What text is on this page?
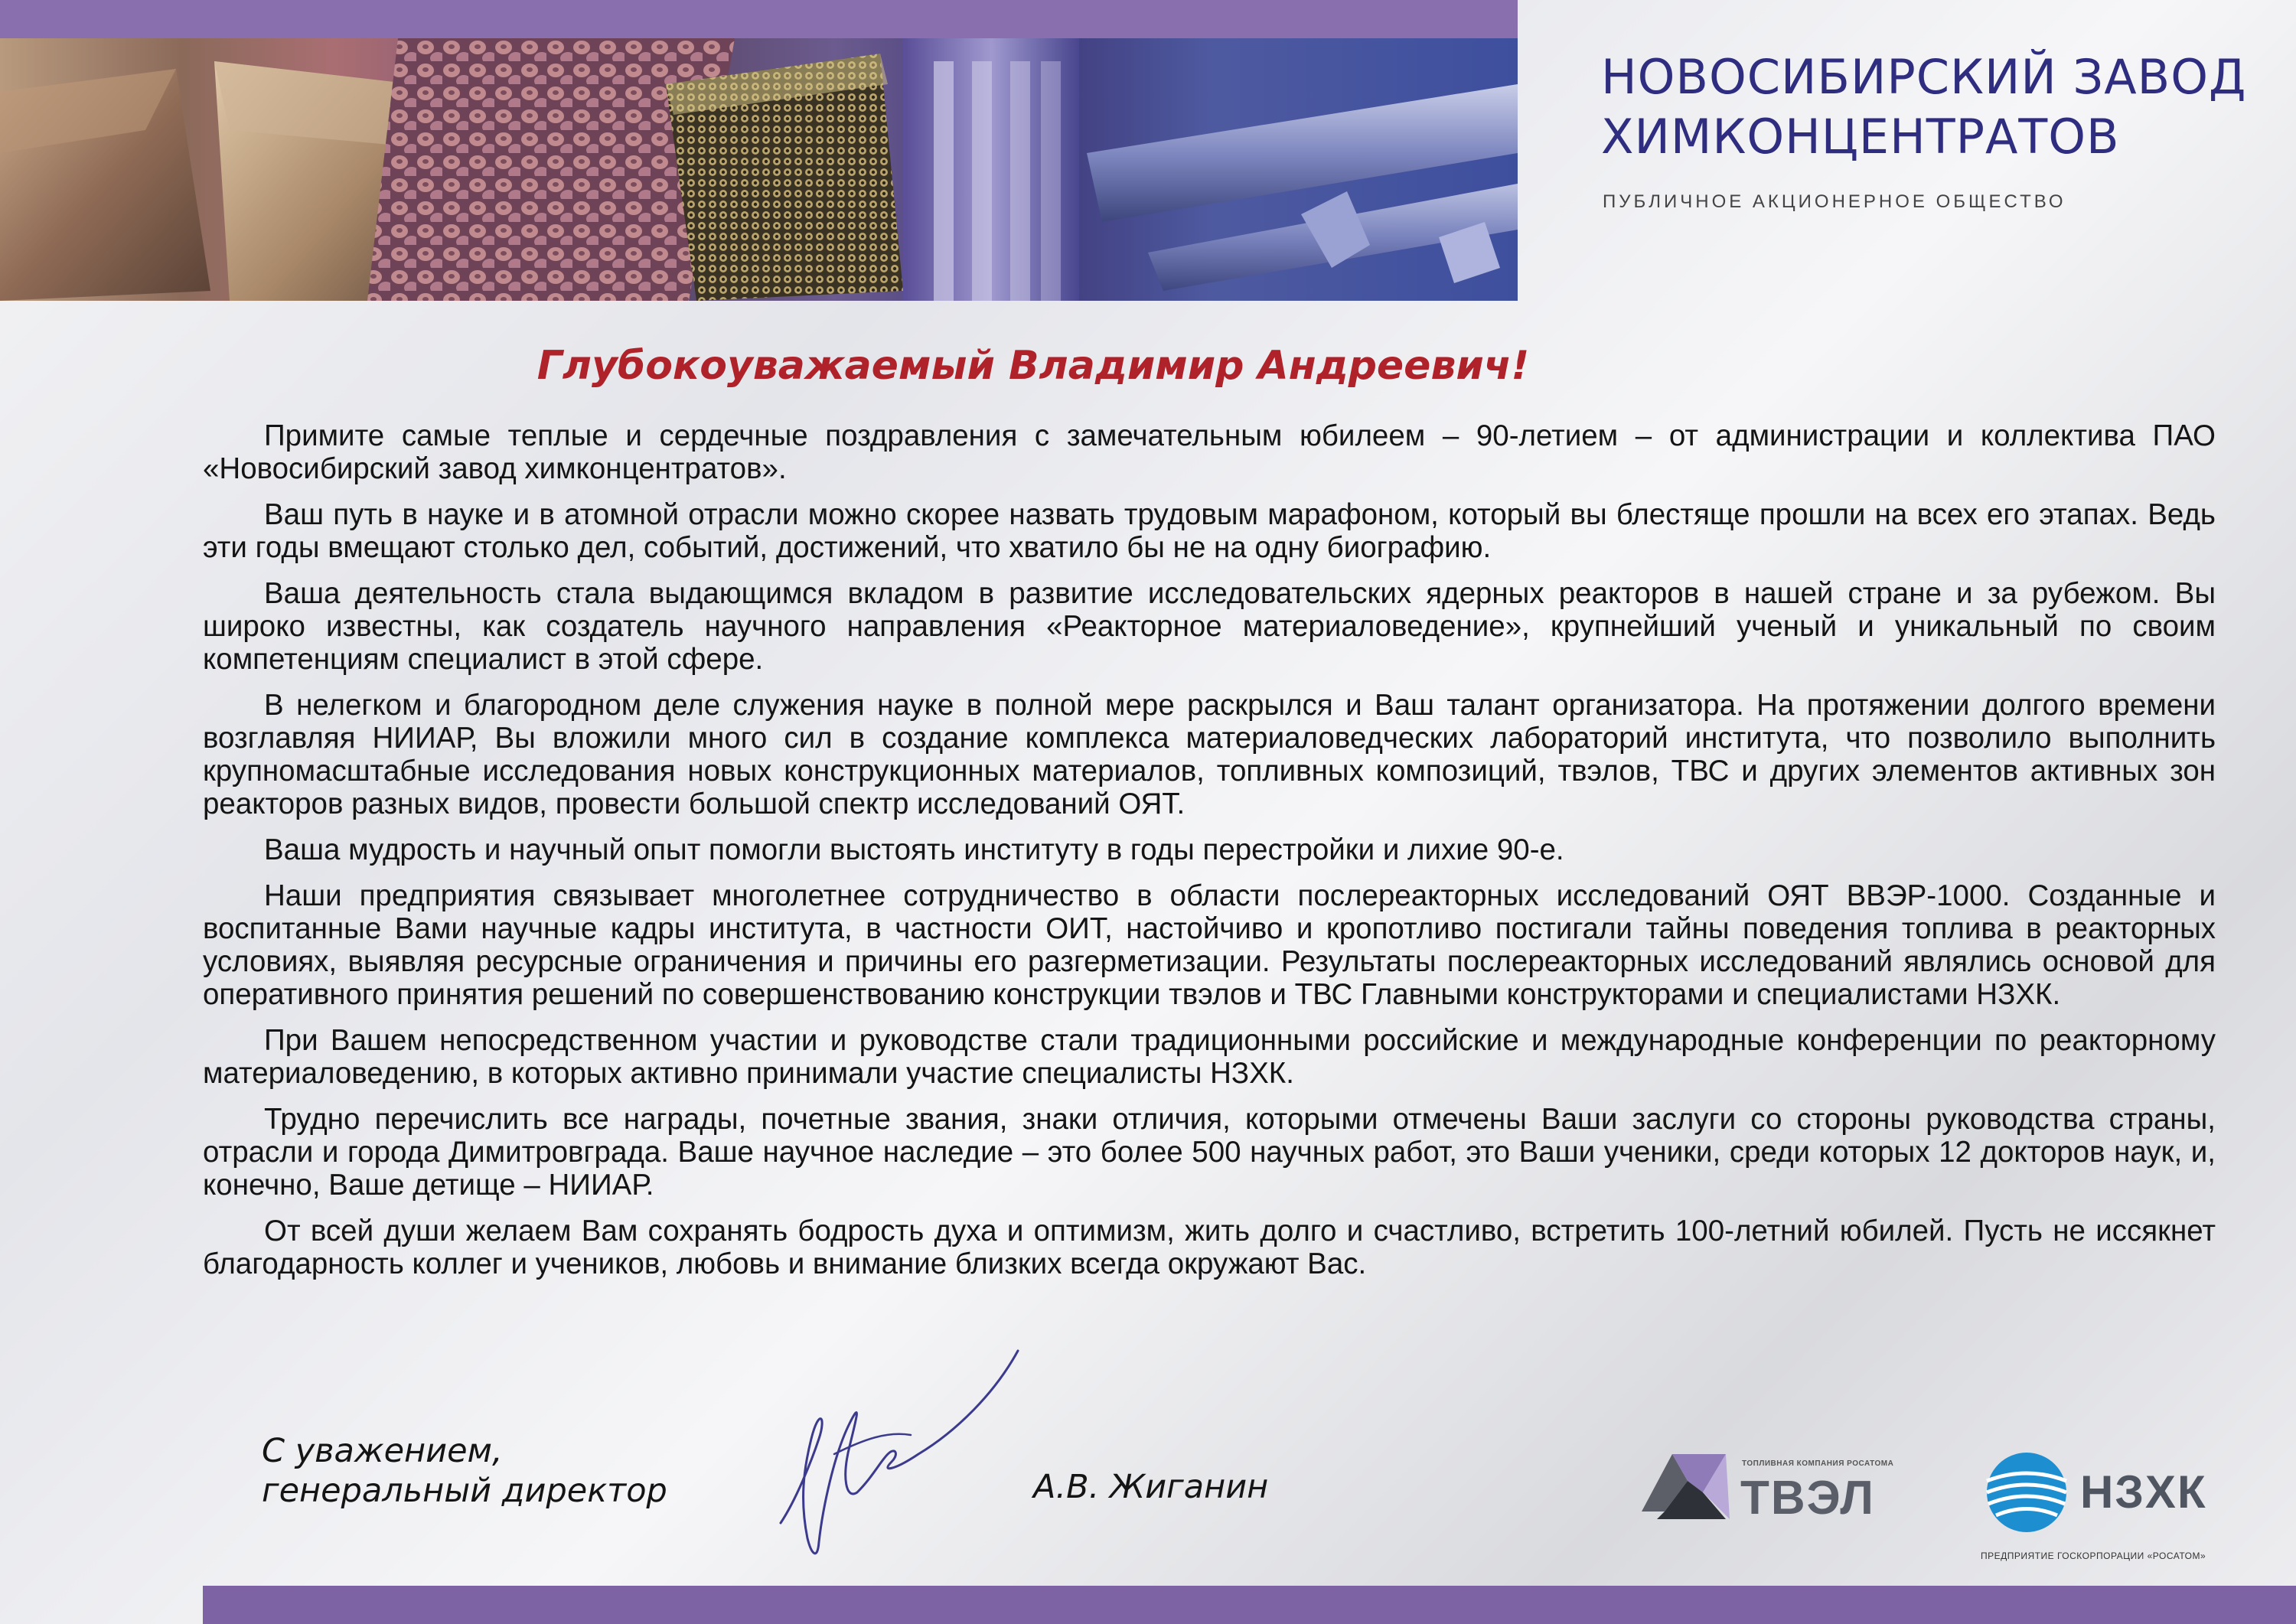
НОВОСИБИРСКИЙ ЗАВОД
ХИМКОНЦЕНТРАТОВ
ПУБЛИЧНОЕ АКЦИОНЕРНОЕ ОБЩЕСТВО
Глубокоуважаемый Владимир Андреевич!

Примите самые теплые и сердечные поздравления с замечательным юбилеем – 90-летием – от администрации и коллектива ПАО «Новосибирский завод химконцентратов».

Ваш путь в науке и в атомной отрасли можно скорее назвать трудовым марафоном, который вы блестяще прошли на всех его этапах. Ведь эти годы вмещают столько дел, событий, достижений, что хватило бы не на одну биографию.

Ваша деятельность стала выдающимся вкладом в развитие исследовательских ядерных реакторов в нашей стране и за рубежом. Вы широко известны, как создатель научного направления «Реакторное материаловедение», крупнейший ученый и уникальный по своим компетенциям специалист в этой сфере.

В нелегком и благородном деле служения науке в полной мере раскрылся и Ваш талант организатора. На протяжении долгого времени возглавляя НИИАР, Вы вложили много сил в создание комплекса материаловедческих лабораторий института, что позволило выполнить крупномасштабные исследования новых конструкционных материалов, топливных композиций, твэлов, ТВС и других элементов активных зон реакторов разных видов, провести большой спектр исследований ОЯТ.

Ваша мудрость и научный опыт помогли выстоять институту в годы перестройки и лихие 90-е.

Наши предприятия связывает многолетнее сотрудничество в области послереакторных исследований ОЯТ ВВЭР-1000. Созданные и воспитанные Вами научные кадры института, в частности ОИТ, настойчиво и кропотливо постигали тайны поведения топлива в реакторных условиях, выявляя ресурсные ограничения и причины его разгерметизации. Результаты послереакторных исследований являлись основой для оперативного принятия решений по совершенствованию конструкции твэлов и ТВС Главными конструкторами и специалистами НЗХК.

При Вашем непосредственном участии и руководстве стали традиционными российские и международные конференции по реакторному материаловедению, в которых активно принимали участие специалисты НЗХК.

Трудно перечислить все награды, почетные звания, знаки отличия, которыми отмечены Ваши заслуги со стороны руководства страны, отрасли и города Димитровграда. Ваше научное наследие – это более 500 научных работ, это Ваши ученики, среди которых 12 докторов наук, и, конечно, Ваше детище – НИИАР.

От всей души желаем Вам сохранять бодрость духа и оптимизм, жить долго и счастливо, встретить 100-летний юбилей. Пусть не иссякнет благодарность коллег и учеников, любовь и внимание близких всегда окружают Вас.

С уважением,
генеральный директор	А.В. Жиганин
ТОПЛИВНАЯ КОМПАНИЯ РОСАТОМА
ТВЭЛ	НЗХК
ПРЕДПРИЯТИЕ ГОСКОРПОРАЦИИ «РОСАТОМ»
